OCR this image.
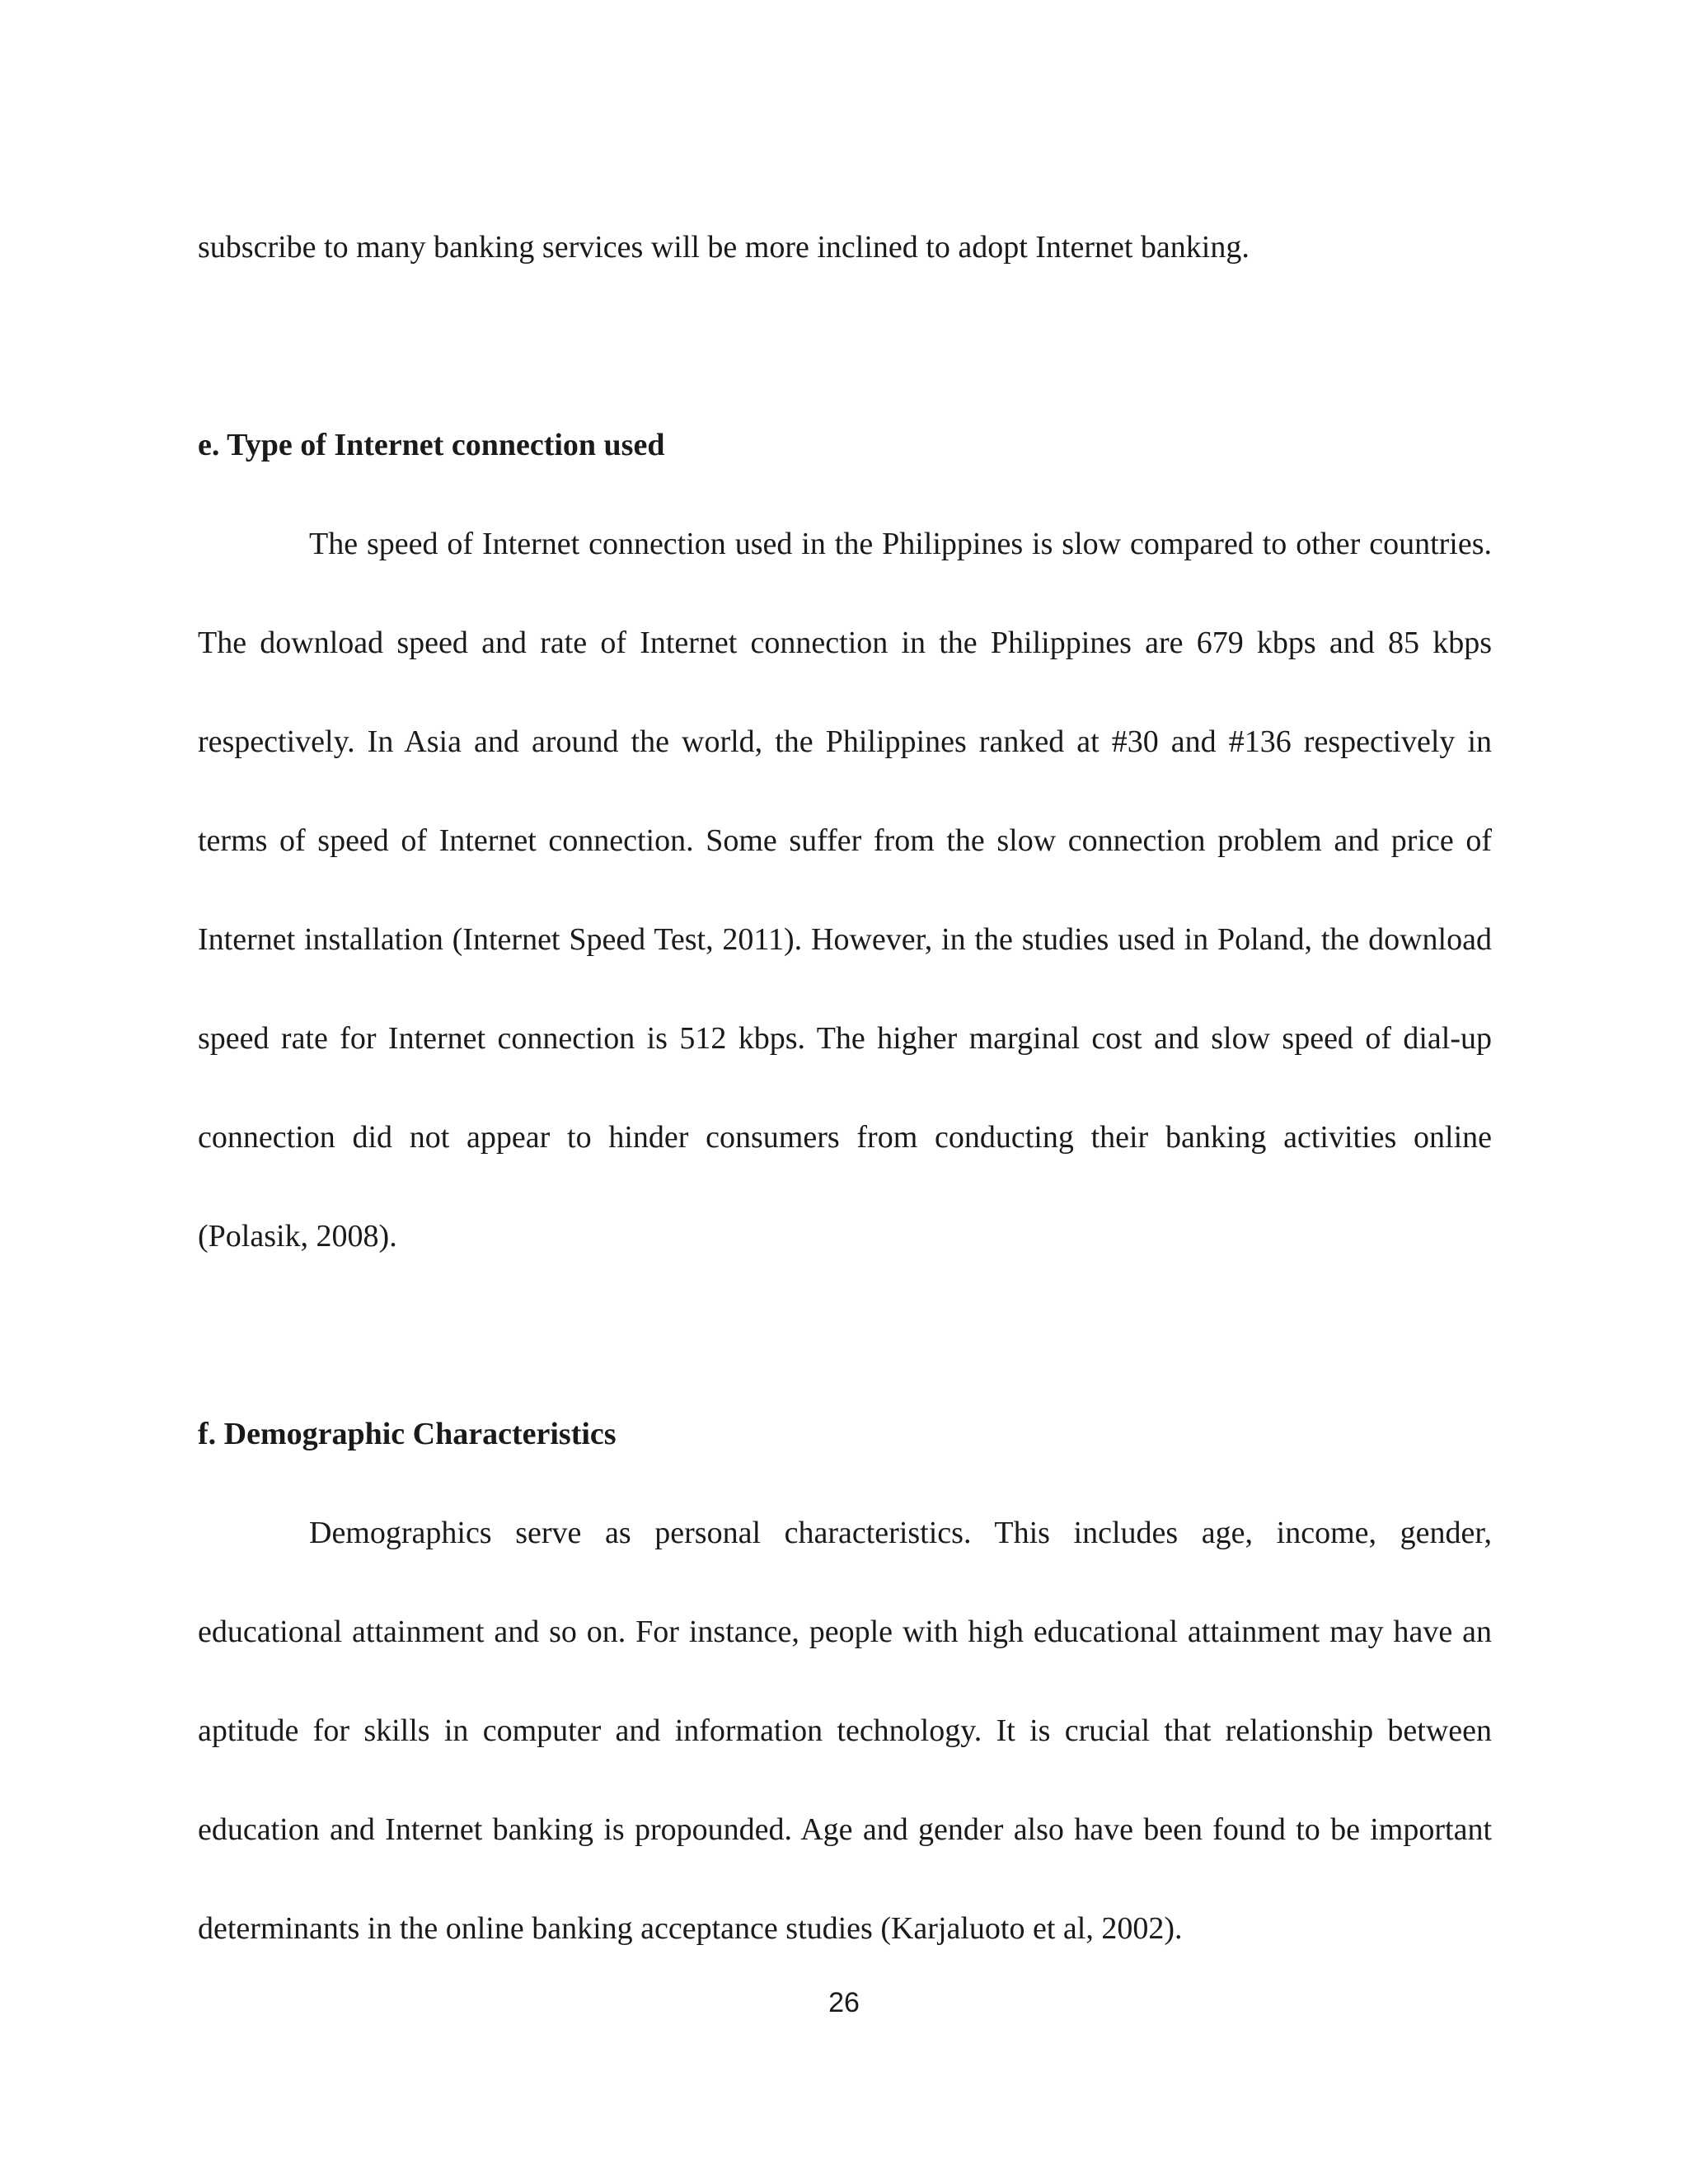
subscribe to many banking services will be more inclined to adopt Internet banking.

e. Type of Internet connection used

The speed of Internet connection used in the Philippines is slow compared to other countries. The download speed and rate of Internet connection in the Philippines are 679 kbps and 85 kbps respectively. In Asia and around the world, the Philippines ranked at #30 and #136 respectively in terms of speed of Internet connection. Some suffer from the slow connection problem and price of Internet installation (Internet Speed Test, 2011). However, in the studies used in Poland, the download speed rate for Internet connection is 512 kbps. The higher marginal cost and slow speed of dial-up connection did not appear to hinder consumers from conducting their banking activities online (Polasik, 2008).

f. Demographic Characteristics

Demographics serve as personal characteristics. This includes age, income, gender, educational attainment and so on. For instance, people with high educational attainment may have an aptitude for skills in computer and information technology. It is crucial that relationship between education and Internet banking is propounded. Age and gender also have been found to be important determinants in the online banking acceptance studies (Karjaluoto et al, 2002).

26
